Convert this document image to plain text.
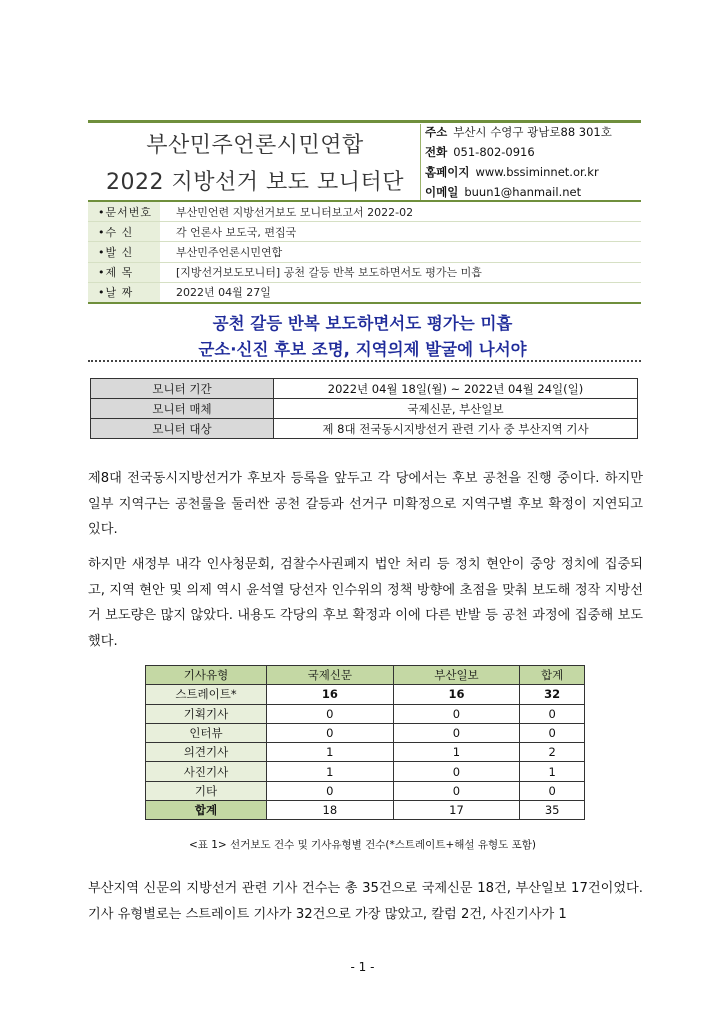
부산민주언론시민연합
2022 지방선거 보도 모니터단
주소 부산시 수영구 광남로88 301호
전화 051-802-0916
홈페이지 www.bssiminnet.or.kr
이메일 buun1@hanmail.net
•문서번호	부산민언련 지방선거보도 모니터보고서 2022-02
•수 신	각 언론사 보도국, 편집국
•발 신	부산민주언론시민연합
•제 목	[지방선거보도모니터] 공천 갈등 반복 보도하면서도 평가는 미흡
•날 짜	2022년 04월 27일
공천 갈등 반복 보도하면서도 평가는 미흡
군소·신진 후보 조명, 지역의제 발굴에 나서야
모니터 기간	2022년 04월 18일(월) ~ 2022년 04월 24일(일)
모니터 매체	국제신문, 부산일보
모니터 대상	제 8대 전국동시지방선거 관련 기사 중 부산지역 기사
제8대 전국동시지방선거가 후보자 등록을 앞두고 각 당에서는 후보 공천을 진행 중이다. 하지만 일부 지역구는 공천룰을 둘러싼 공천 갈등과 선거구 미확정으로 지역구별 후보 확정이 지연되고 있다.
하지만 새정부 내각 인사청문회, 검찰수사권폐지 법안 처리 등 정치 현안이 중앙 정치에 집중되고, 지역 현안 및 의제 역시 윤석열 당선자 인수위의 정책 방향에 초점을 맞춰 보도해 정작 지방선거 보도량은 많지 않았다. 내용도 각당의 후보 확정과 이에 다른 반발 등 공천 과정에 집중해 보도했다.
기사유형	국제신문	부산일보	합계
스트레이트*	16	16	32
기획기사	0	0	0
인터뷰	0	0	0
의견기사	1	1	2
사진기사	1	0	1
기타	0	0	0
합계	18	17	35
<표 1> 선거보도 건수 및 기사유형별 건수(*스트레이트+해설 유형도 포함)
부산지역 신문의 지방선거 관련 기사 건수는 총 35건으로 국제신문 18건, 부산일보 17건이었다. 기사 유형별로는 스트레이트 기사가 32건으로 가장 많았고, 칼럼 2건, 사진기사가 1
- 1 -
